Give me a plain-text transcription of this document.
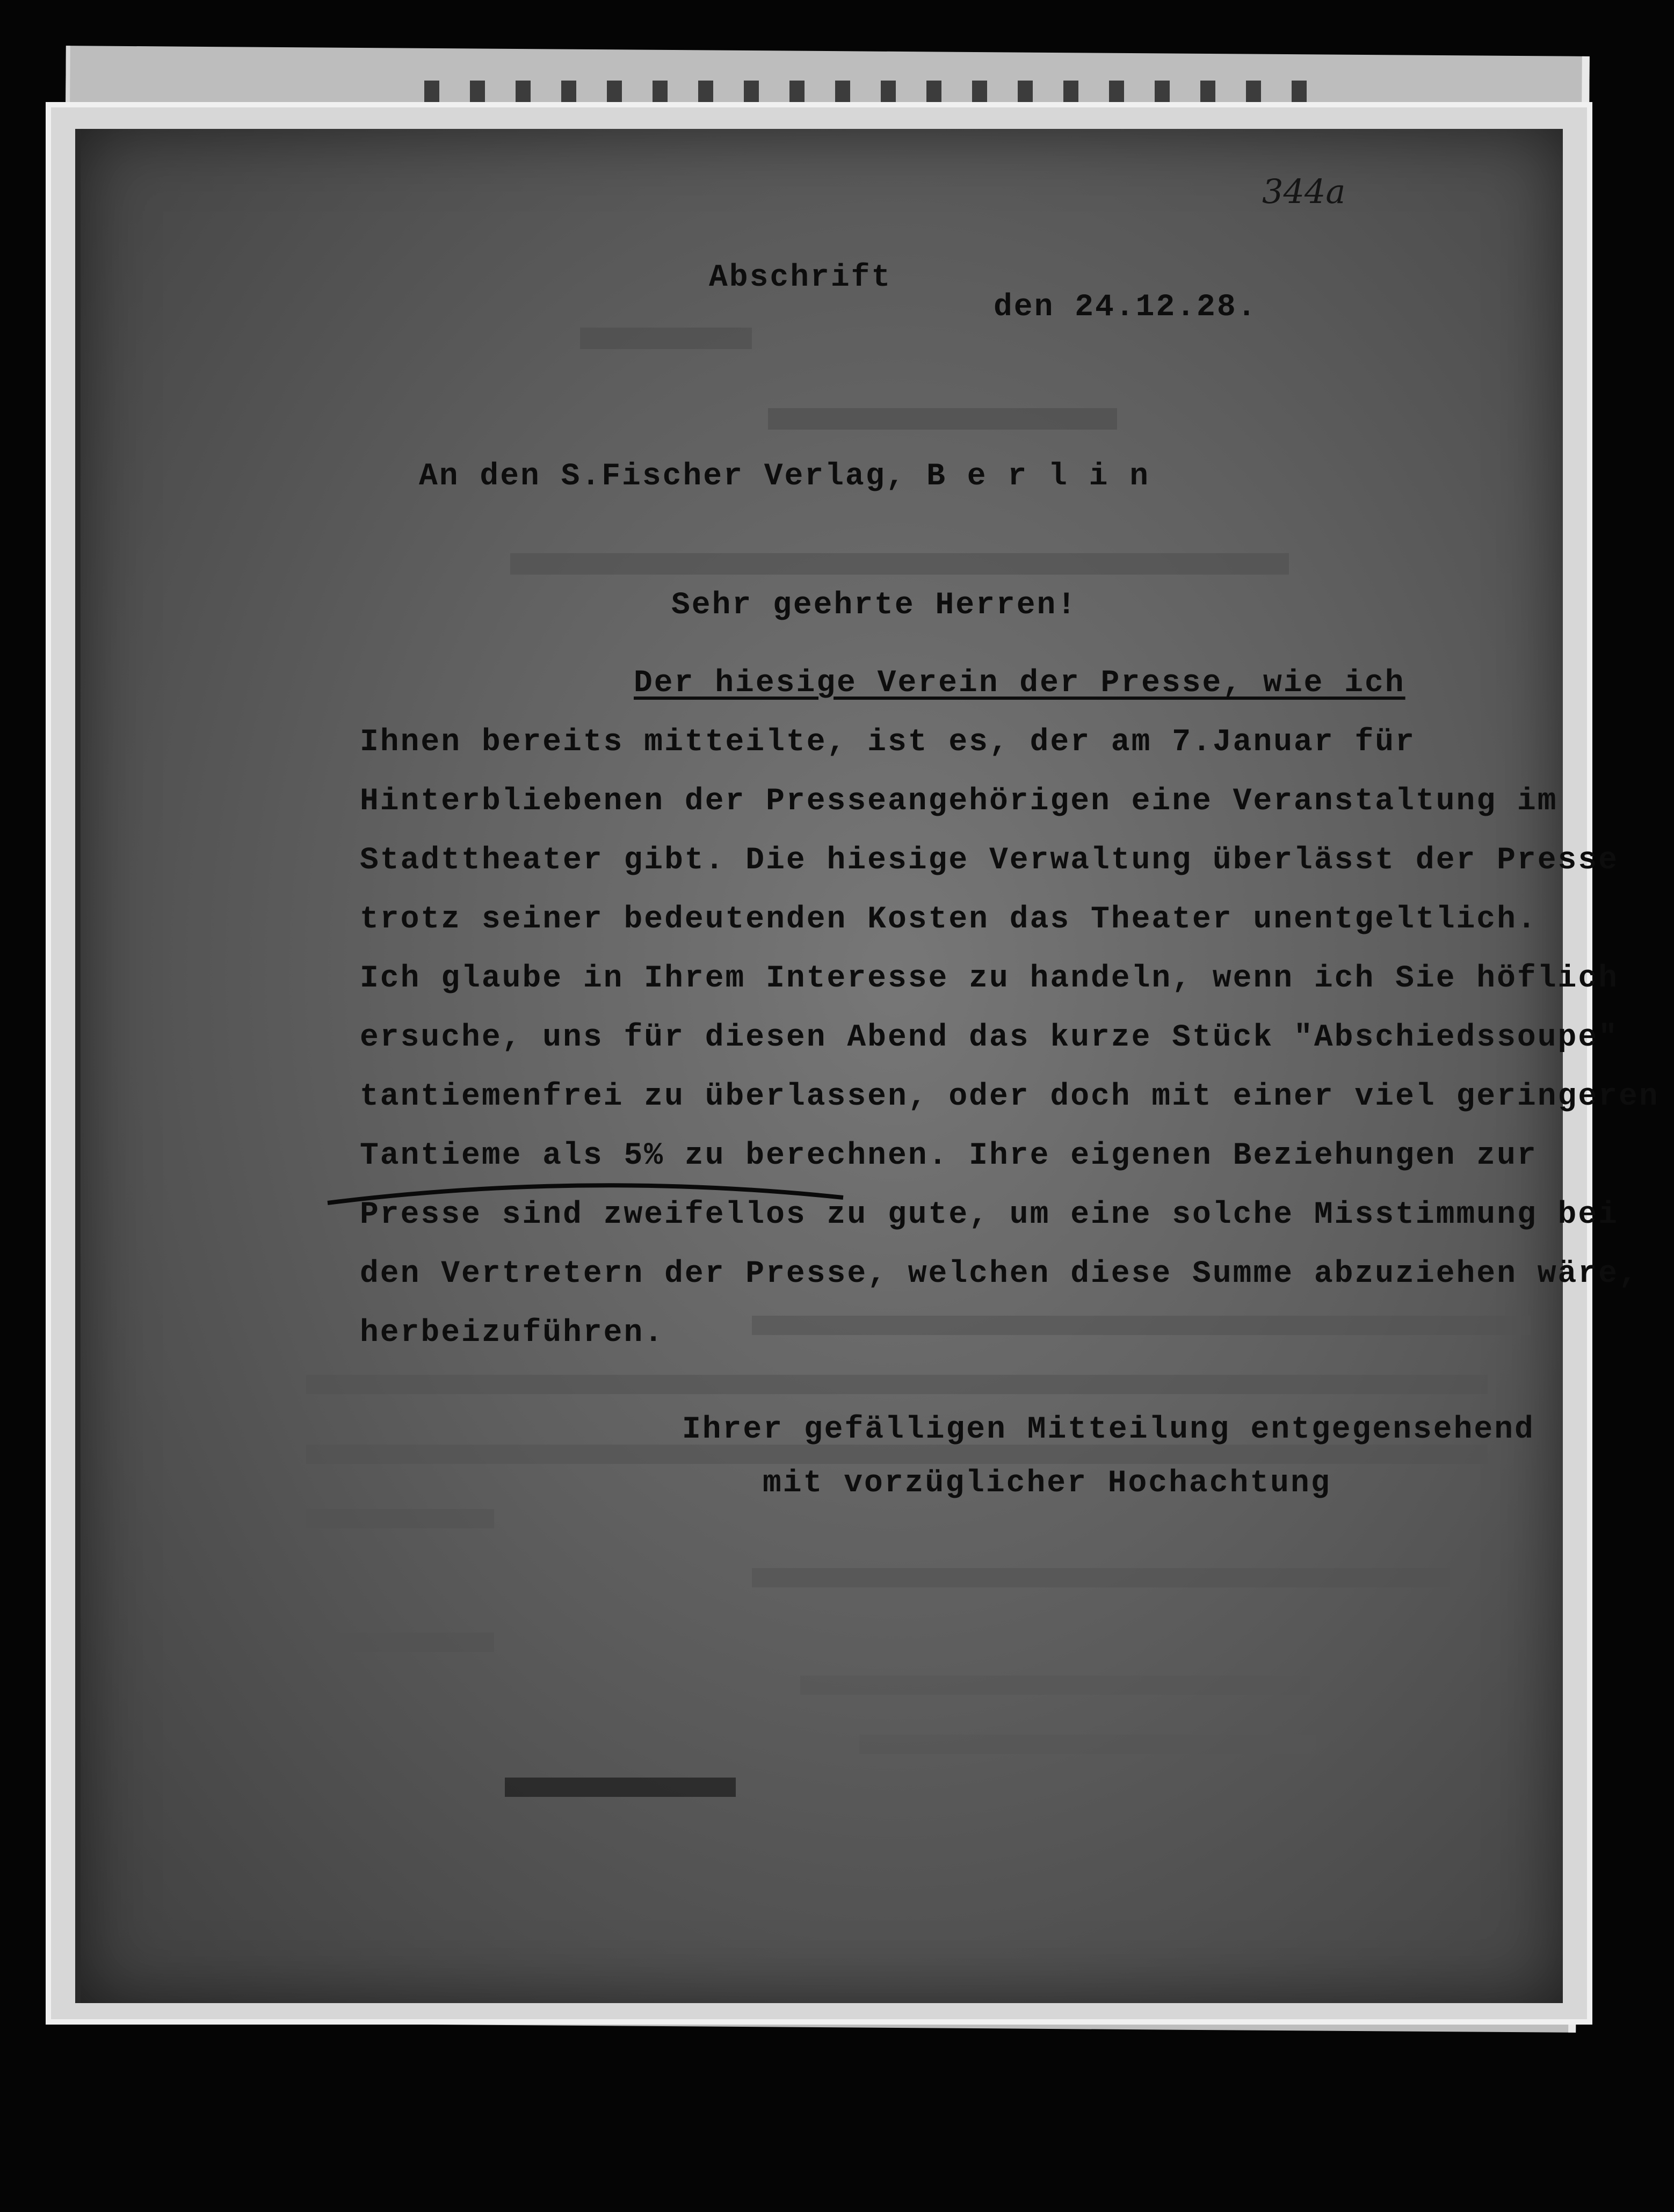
344a
Abschrift
den 24.12.28.
An den S.Fischer Verlag, B e r l i n
Sehr geehrte Herren!
Der hiesige Verein der Presse, wie ich
Ihnen bereits mitteilte, ist es, der am 7.Januar für
Hinterbliebenen der Presseangehörigen eine Veranstaltung im
Stadttheater gibt. Die hiesige Verwaltung überlässt der Presse
trotz seiner bedeutenden Kosten das Theater unentgeltlich.
Ich glaube in Ihrem Interesse zu handeln, wenn ich Sie höflich
ersuche, uns für diesen Abend das kurze Stück "Abschiedssoupe"
tantiemenfrei zu überlassen, oder doch mit einer viel geringeren
Tantieme als 5% zu berechnen. Ihre eigenen Beziehungen zur
Presse sind zweifellos zu gute, um eine solche Misstimmung bei
den Vertretern der Presse, welchen diese Summe abzuziehen wäre,
herbeizuführen.
Ihrer gefälligen Mitteilung entgegensehend
mit vorzüglicher Hochachtung
